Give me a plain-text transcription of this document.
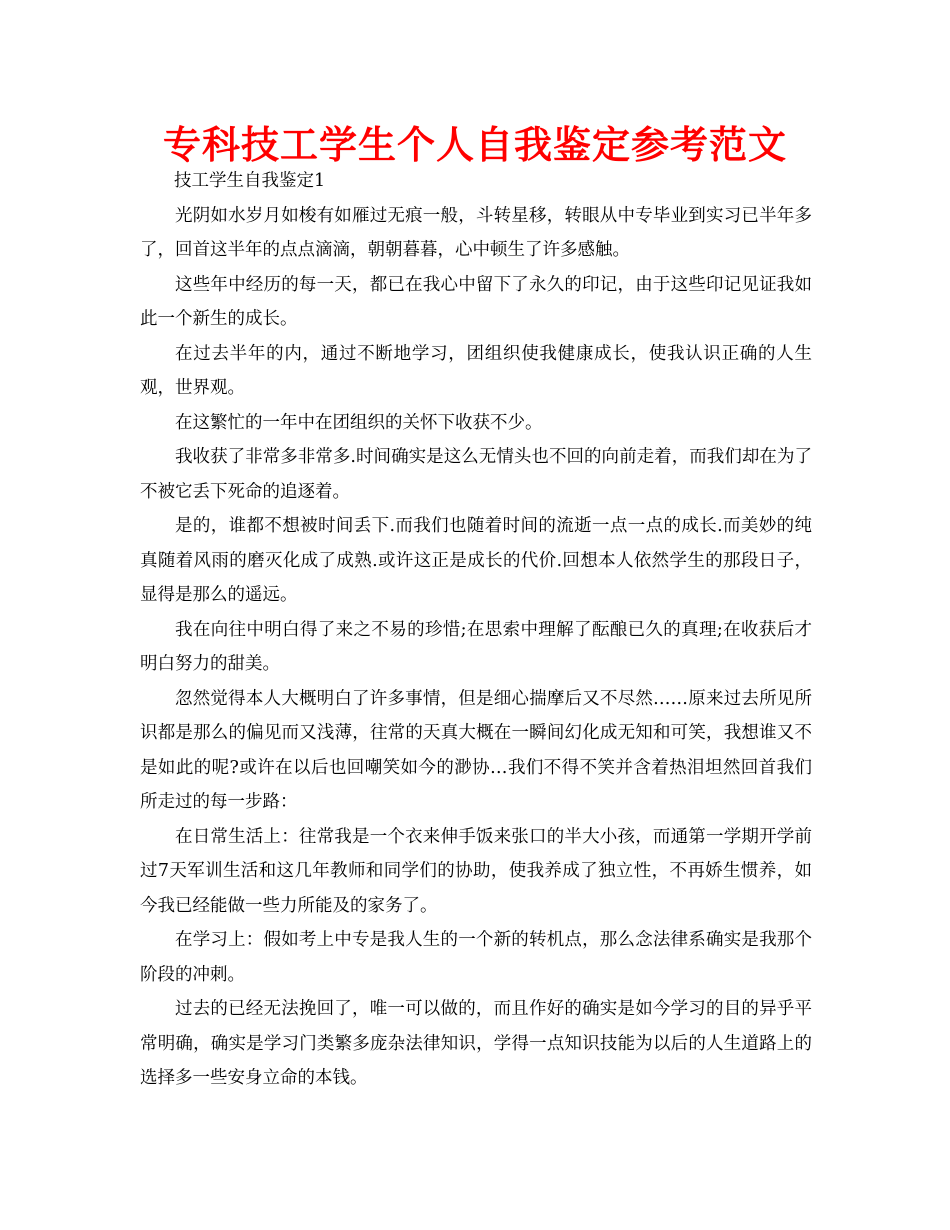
专科技工学生个人自我鉴定参考范文

技工学生自我鉴定1

光阴如水岁月如梭有如雁过无痕一般，斗转星移，转眼从中专毕业到实习已半年多了，回首这半年的点点滴滴，朝朝暮暮，心中顿生了许多感触。

这些年中经历的每一天，都已在我心中留下了永久的印记，由于这些印记见证我如此一个新生的成长。

在过去半年的内，通过不断地学习，团组织使我健康成长，使我认识正确的人生观，世界观。

在这繁忙的一年中在团组织的关怀下收获不少。

我收获了非常多非常多.时间确实是这么无情头也不回的向前走着，而我们却在为了不被它丢下死命的追逐着。

是的，谁都不想被时间丢下.而我们也随着时间的流逝一点一点的成长.而美妙的纯真随着风雨的磨灭化成了成熟.或许这正是成长的代价.回想本人依然学生的那段日子，显得是那么的遥远。

我在向往中明白得了来之不易的珍惜;在思索中理解了酝酿已久的真理;在收获后才明白努力的甜美。

忽然觉得本人大概明白了许多事情，但是细心揣摩后又不尽然……原来过去所见所识都是那么的偏见而又浅薄，往常的天真大概在一瞬间幻化成无知和可笑，我想谁又不是如此的呢?或许在以后也回嘲笑如今的渺协…我们不得不笑并含着热泪坦然回首我们所走过的每一步路：

在日常生活上：往常我是一个衣来伸手饭来张口的半大小孩，而通第一学期开学前过7天军训生活和这几年教师和同学们的协助，使我养成了独立性，不再娇生惯养，如今我已经能做一些力所能及的家务了。

在学习上：假如考上中专是我人生的一个新的转机点，那么念法律系确实是我那个阶段的冲刺。

过去的已经无法挽回了，唯一可以做的，而且作好的确实是如今学习的目的异乎平常明确，确实是学习门类繁多庞杂法律知识，学得一点知识技能为以后的人生道路上的选择多一些安身立命的本钱。
